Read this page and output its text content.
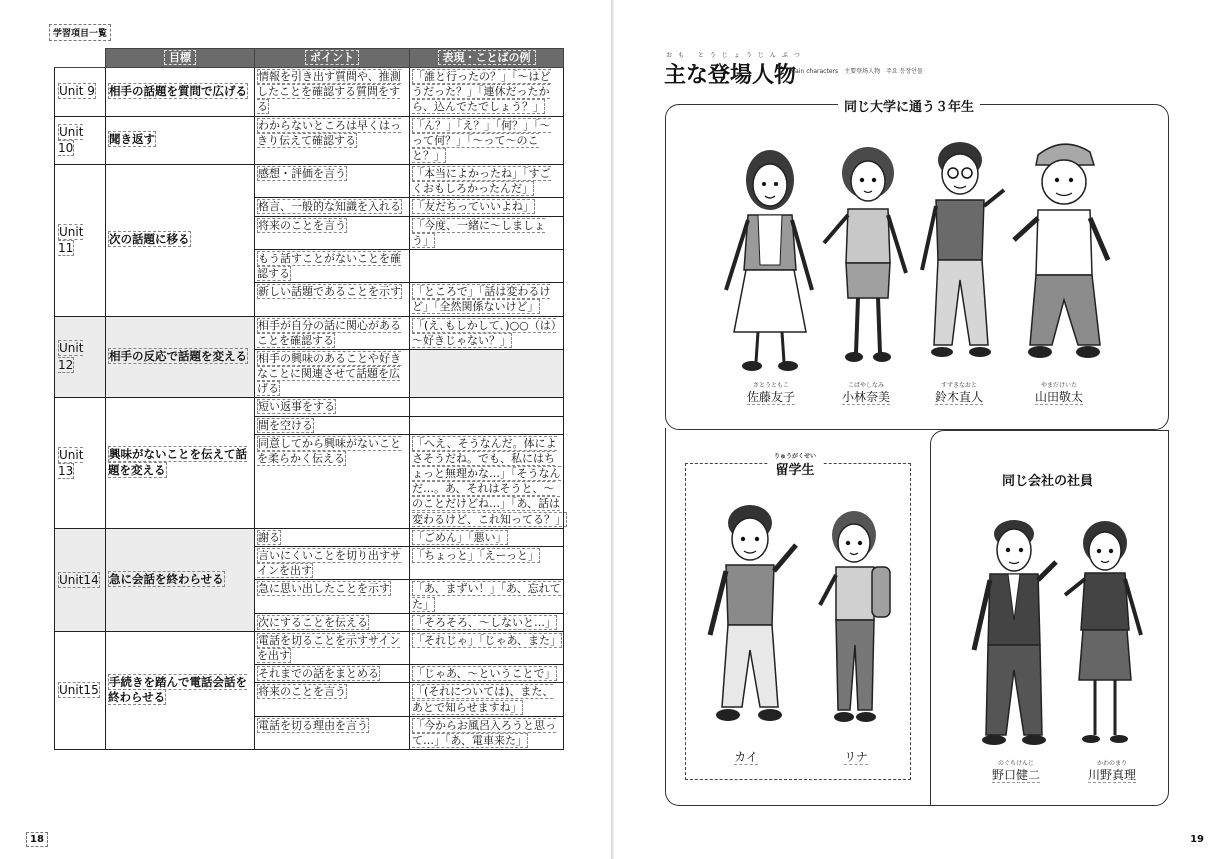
学習項目一覧
	目標	ポイント	表現・ことばの例
Unit 9	相手の話題を質問で広げる	情報を引き出す質問や、推測したことを確認する質問をする	「誰と行ったの？」「～はどうだった？」「連休だったから、込んでたでしょう？」
Unit 10	聞き返す	わからないところは早くはっきり伝えて確認する	「ん？」「え？」「何？」「～って何？」「～って～のこと？」
Unit 11	次の話題に移る	感想・評価を言う	「本当によかったね」「すごくおもしろかったんだ」
		格言、一般的な知識を入れる	「友だちっていいよね」
		将来のことを言う	「今度、一緒に～しましょう」
		もう話すことがないことを確認する	
		新しい話題であることを示す	「ところで」「話は変わるけど」「全然関係ないけど」
Unit 12	相手の反応で話題を変える	相手が自分の話に関心があることを確認する	「(え､もしかして､)○○（は）～好きじゃない？」
		相手の興味のあることや好きなことに関連させて話題を広げる	
Unit 13	興味がないことを伝えて話題を変える	短い返事をする	
		間を空ける	
		同意してから興味がないことを柔らかく伝える	「へえ、そうなんだ。体によさそうだね。でも、私にはちょっと無理かな…」「そうなんだ…。あ、それはそうと、～のことだけどね…」「あ、話は変わるけど、これ知ってる？」
Unit14	急に会話を終わらせる	謝る	「ごめん」「悪い」
		言いにくいことを切り出すサインを出す	「ちょっと」「えーっと」
		急に思い出したことを示す	「あ、まずい！」「あ、忘れてた」
		次にすることを伝える	「そろそろ、～しないと…」
Unit15	手続きを踏んで電話会話を終わらせる	電話を切ることを示すサインを出す	「それじゃ」「じゃあ、また」
		それまでの話をまとめる	「じゃあ、～ということで」
		将来のことを言う	「(それについては)、また、あとで知らせますね」
		電話を切る理由を言う	「今からお風呂入ろうと思って…」「あ、電車来た」
18
おも とうじょうじんぶつ
主な登場人物
Main characters　主要登场人物　주요 등장인물
同じ大学に通う３年生
同じ会社の社員
りゅうがくせい
留学生
さとうともこ
佐藤友子
こばやしなみ
小林奈美
すずきなおと
鈴木直人
やまだけいた
山田敬太
カイ	リナ	のぐちけんじ
野口健二
かわのまり
川野真理
19
